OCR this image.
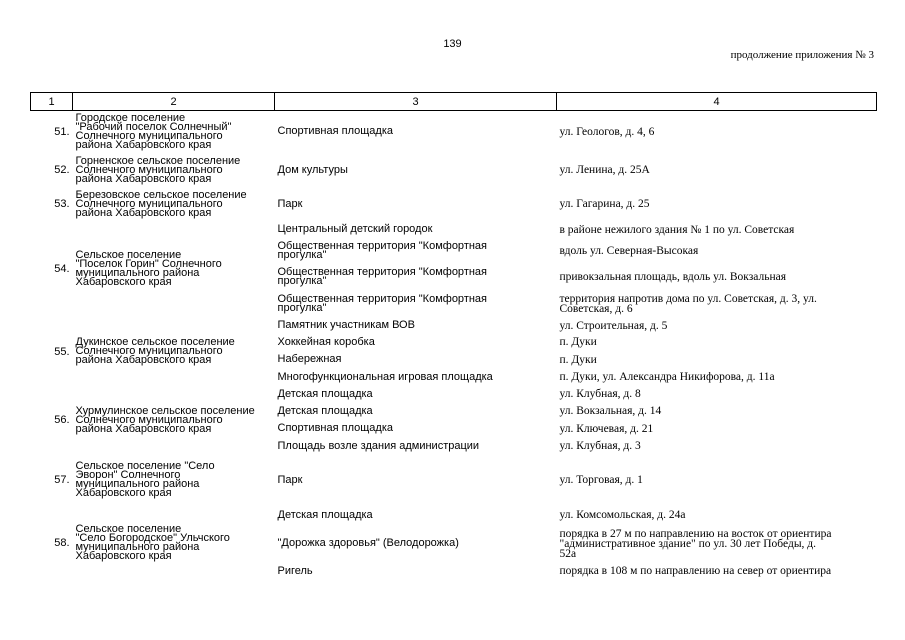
139
продолжение приложения № 3
1	2	3	4
51.	Городское поселение
"Рабочий поселок Солнечный"
Солнечного муниципального
района Хабаровского края	Спортивная площадка	ул. Геологов, д. 4, 6
52.	Горненское сельское поселение
Солнечного муниципального
района Хабаровского края	Дом культуры	ул. Ленина, д. 25А
53.	Березовское сельское поселение
Солнечного муниципального
района Хабаровского края	Парк	ул. Гагарина, д. 25
54.	Сельское поселение
"Поселок Горин" Солнечного
муниципального района
Хабаровского края	Центральный детский городок	в районе нежилого здания № 1 по ул. Советская
		Общественная территория "Комфортная
прогулка"	вдоль ул. Северная-Высокая
		Общественная территория "Комфортная
прогулка"	привокзальная площадь, вдоль ул. Вокзальная
		Общественная территория "Комфортная
прогулка"	территория напротив дома по ул. Советская, д. 3, ул.
Советская, д. 6
55.	Дукинское сельское поселение
Солнечного муниципального
района Хабаровского края	Памятник участникам ВОВ	ул. Строительная, д. 5
		Хоккейная коробка	п. Дуки
		Набережная	п. Дуки
		Многофункциональная игровая площадка	п. Дуки, ул. Александра Никифорова, д. 11а
56.	Хурмулинское сельское поселение
Солнечного муниципального
района Хабаровского края	Детская площадка	ул. Клубная, д. 8
		Детская площадка	ул. Вокзальная, д. 14
		Спортивная площадка	ул. Ключевая, д. 21
		Площадь возле здания администрации	ул. Клубная, д. 3
57.	Сельское поселение "Село
Эворон" Солнечного
муниципального района
Хабаровского края	Парк	ул. Торговая, д. 1
58.	Сельское поселение
"Село Богородское" Ульчского
муниципального района
Хабаровского края	Детская площадка	ул. Комсомольская, д. 24а
		"Дорожка здоровья" (Велодорожка)	порядка в 27 м по направлению на восток от ориентира
"административное здание" по ул. 30 лет Победы, д.
52а
		Ригель	порядка в 108 м по направлению на север от ориентира
